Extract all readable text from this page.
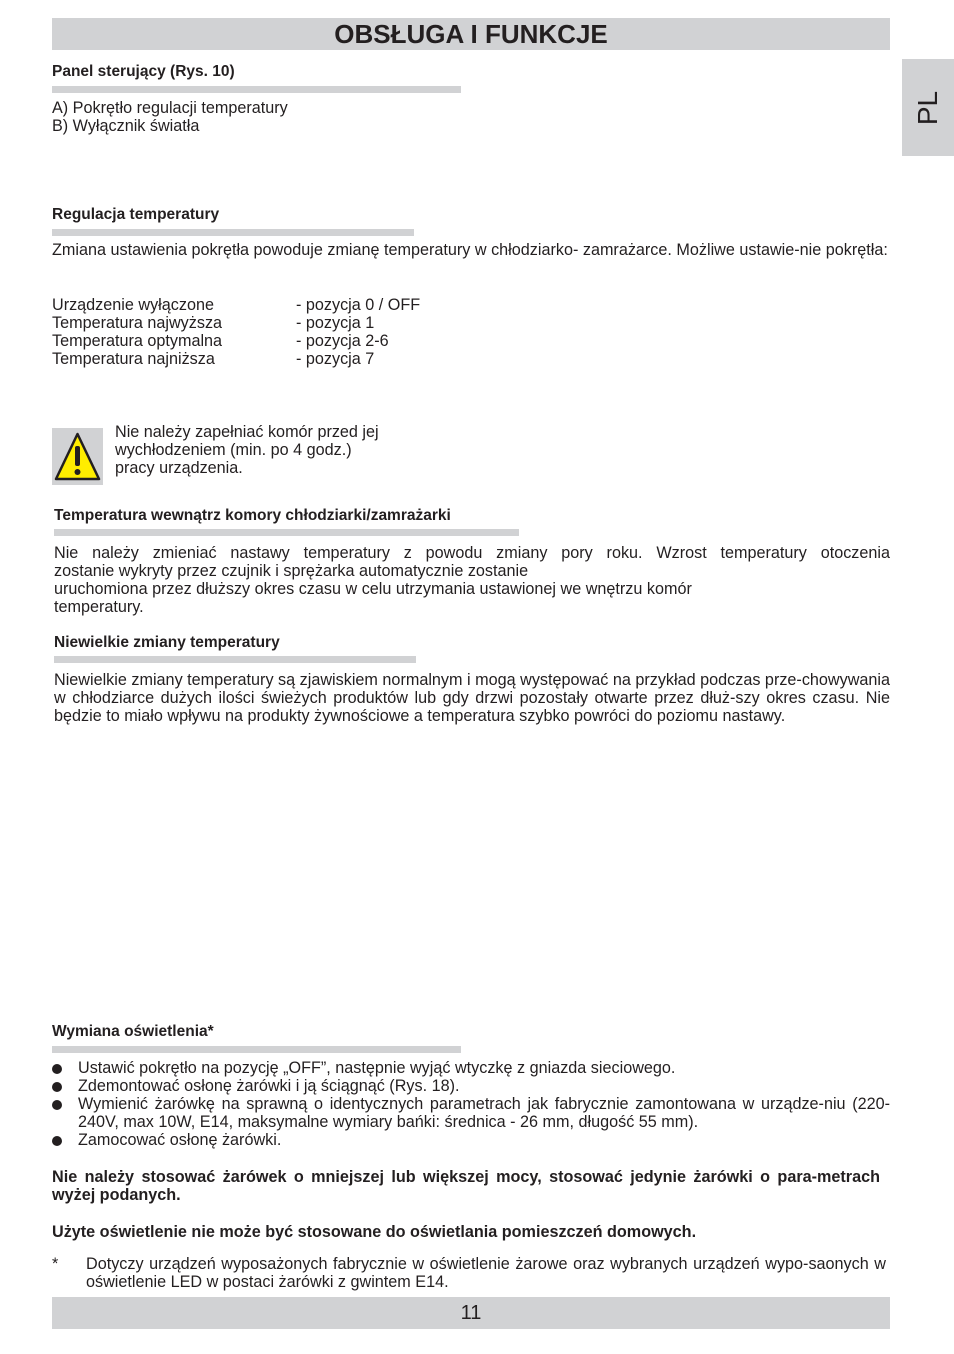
OBSŁUGA I FUNKCJE
PL
Panel sterujący (Rys. 10)
A) Pokrętło regulacji temperatury
B) Wyłącznik światła
Regulacja temperatury
Zmiana ustawienia pokrętła powoduje zmianę temperatury w chłodziarko- zamrażarce. Możliwe ustawie-nie pokrętła:
Urządzenie wyłączone	- pozycja 0 / OFF
Temperatura najwyższa	- pozycja 1
Temperatura optymalna	- pozycja 2-6
Temperatura najniższa	- pozycja 7
Nie należy zapełniać komór przed jej
wychłodzeniem (min. po 4 godz.)
pracy urządzenia.
Temperatura wewnątrz komory chłodziarki/zamrażarki
Nie należy zmieniać nastawy temperatury z powodu zmiany pory roku. Wzrost temperatury otoczenia
zostanie wykryty przez czujnik i sprężarka automatycznie zostanie
uruchomiona przez dłuższy okres czasu w celu utrzymania ustawionej we wnętrzu komór
temperatury.
Niewielkie zmiany temperatury
Niewielkie zmiany temperatury są zjawiskiem normalnym i mogą występować na przykład podczas prze-chowywania w chłodziarce dużych ilości świeżych produktów lub gdy drzwi pozostały otwarte przez dłuż-szy okres czasu. Nie będzie to miało wpływu na produkty żywnościowe a temperatura szybko powróci do poziomu nastawy.
Wymiana oświetlenia*
Ustawić pokrętło na pozycję „OFF”, następnie wyjąć wtyczkę z gniazda sieciowego.
Zdemontować osłonę żarówki i ją ściągnąć (Rys. 18).
Wymienić żarówkę na sprawną o identycznych parametrach jak fabrycznie zamontowana w urządze-niu (220-240V, max 10W, E14, maksymalne wymiary bańki: średnica - 26 mm, długość 55 mm).
Zamocować osłonę żarówki.
Nie należy stosować żarówek o mniejszej lub większej mocy, stosować jedynie żarówki o para-metrach wyżej podanych.
Użyte oświetlenie nie może być stosowane do oświetlania pomieszczeń domowych.
* Dotyczy urządzeń wyposażonych fabrycznie w oświetlenie żarowe oraz wybranych urządzeń wypo-saonych w oświetlenie LED w postaci żarówki z gwintem E14.
11
